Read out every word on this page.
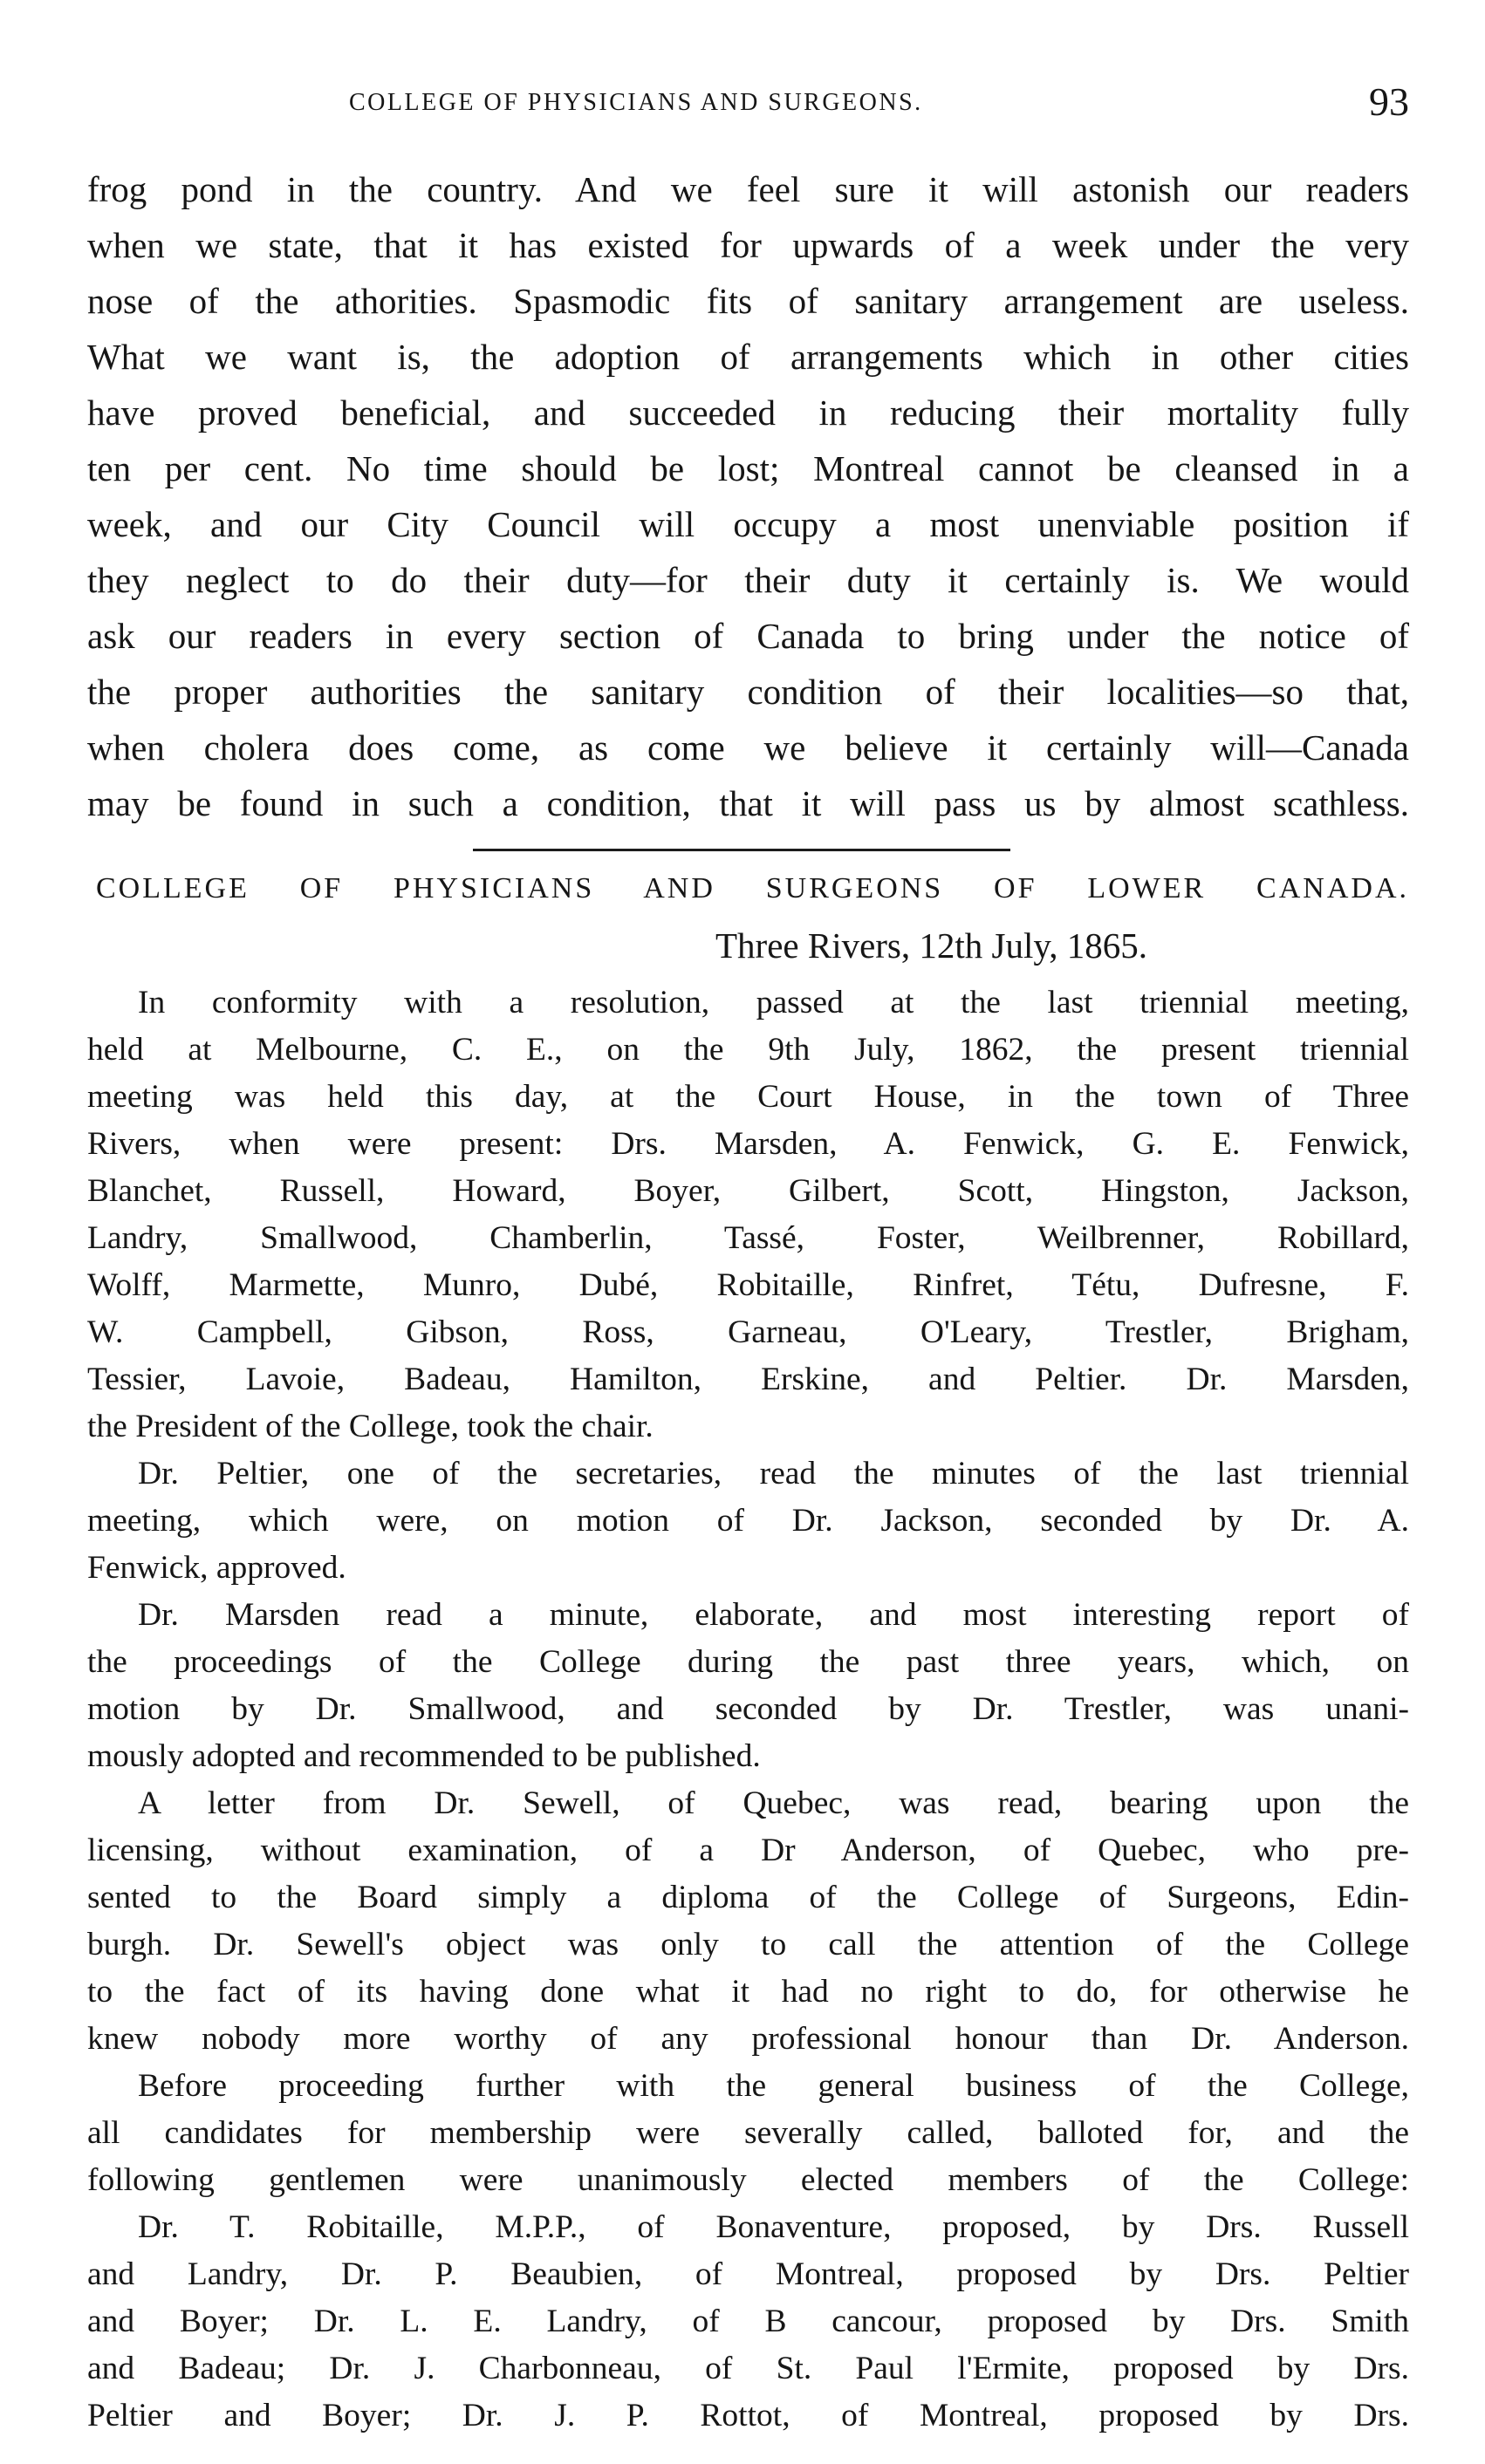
COLLEGE OF PHYSICIANS AND SURGEONS.	93
frog pond in the country. And we feel sure it will astonish our readers
when we state, that it has existed for upwards of a week under the very
nose of the athorities. Spasmodic fits of sanitary arrangement are useless.
What we want is, the adoption of arrangements which in other cities
have proved beneficial, and succeeded in reducing their mortality fully
ten per cent. No time should be lost; Montreal cannot be cleansed in a
week, and our City Council will occupy a most unenviable position if
they neglect to do their duty—for their duty it certainly is. We would
ask our readers in every section of Canada to bring under the notice of
the proper authorities the sanitary condition of their localities—so that,
when cholera does come, as come we believe it certainly will—Canada
may be found in such a condition, that it will pass us by almost scathless.
COLLEGE OF PHYSICIANS AND SURGEONS OF LOWER CANADA.
Three Rivers, 12th July, 1865.
In conformity with a resolution, passed at the last triennial meeting,
held at Melbourne, C. E., on the 9th July, 1862, the present triennial
meeting was held this day, at the Court House, in the town of Three
Rivers, when were present: Drs. Marsden, A. Fenwick, G. E. Fenwick,
Blanchet, Russell, Howard, Boyer, Gilbert, Scott, Hingston, Jackson,
Landry, Smallwood, Chamberlin, Tassé, Foster, Weilbrenner, Robillard,
Wolff, Marmette, Munro, Dubé, Robitaille, Rinfret, Tétu, Dufresne, F.
W. Campbell, Gibson, Ross, Garneau, O'Leary, Trestler, Brigham,
Tessier, Lavoie, Badeau, Hamilton, Erskine, and Peltier. Dr. Marsden,
the President of the College, took the chair.
Dr. Peltier, one of the secretaries, read the minutes of the last triennial
meeting, which were, on motion of Dr. Jackson, seconded by Dr. A.
Fenwick, approved.
Dr. Marsden read a minute, elaborate, and most interesting report of
the proceedings of the College during the past three years, which, on
motion by Dr. Smallwood, and seconded by Dr. Trestler, was unani-
mously adopted and recommended to be published.
A letter from Dr. Sewell, of Quebec, was read, bearing upon the
licensing, without examination, of a Dr Anderson, of Quebec, who pre-
sented to the Board simply a diploma of the College of Surgeons, Edin-
burgh. Dr. Sewell's object was only to call the attention of the College
to the fact of its having done what it had no right to do, for otherwise he
knew nobody more worthy of any professional honour than Dr. Anderson.
Before proceeding further with the general business of the College,
all candidates for membership were severally called, balloted for, and the
following gentlemen were unanimously elected members of the College:
Dr. T. Robitaille, M.P.P., of Bonaventure, proposed, by Drs. Russell
and Landry, Dr. P. Beaubien, of Montreal, proposed by Drs. Peltier
and Boyer; Dr. L. E. Landry, of B cancour, proposed by Drs. Smith
and Badeau; Dr. J. Charbonneau, of St. Paul l'Ermite, proposed by Drs.
Peltier and Boyer; Dr. J. P. Rottot, of Montreal, proposed by Drs.
